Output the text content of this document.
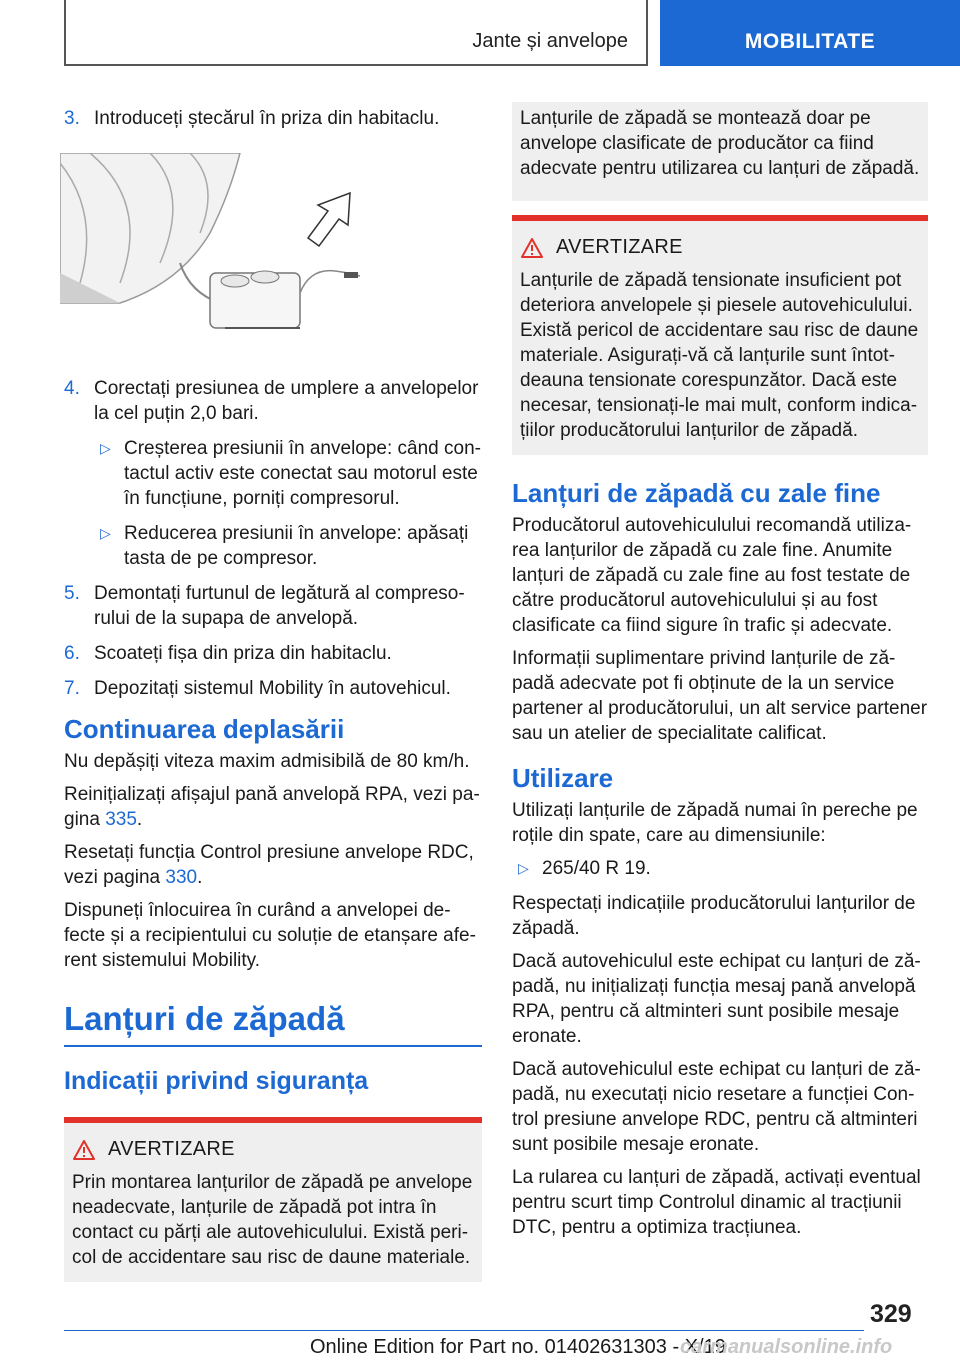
Jante și anvelope	MOBILITATE
3. Introduceți ștecărul în priza din habitaclu.
4. Corectați presiunea de umplere a anvelopelor la cel puțin 2,0 bari.
▷ Creșterea presiunii în anvelope: când contactul activ este conectat sau motorul este în funcțiune, porniți compresorul.
▷ Reducerea presiunii în anvelope: apăsați tasta de pe compresor.
5. Demontați furtunul de legătură al compresorului de la supapa de anvelopă.
6. Scoateți fișa din priza din habitaclu.
7. Depozitați sistemul Mobility în autovehicul.
Continuarea deplasării

Nu depășiți viteza maxim admisibilă de 80 km/h.

Reinițializați afișajul pană anvelopă RPA, vezi pagina 335.

Resetați funcția Control presiune anvelope RDC, vezi pagina 330.

Dispuneți înlocuirea în curând a anvelopei defecte și a recipientului cu soluție de etanșare aferent sistemului Mobility.

Lanțuri de zăpadă
Indicații privind siguranța
AVERTIZARE

Prin montarea lanțurilor de zăpadă pe anvelope neadecvate, lanțurile de zăpadă pot intra în contact cu părți ale autovehiculului. Există pericol de accidentare sau risc de daune materiale.

Lanțurile de zăpadă se montează doar pe anvelope clasificate de producător ca fiind adecvate pentru utilizarea cu lanțuri de zăpadă.

AVERTIZARE

Lanțurile de zăpadă tensionate insuficient pot deteriora anvelopele și piesele autovehiculului. Există pericol de accidentare sau risc de daune materiale. Asigurați-vă că lanțurile sunt întotdeauna tensionate corespunzător. Dacă este necesar, tensionați-le mai mult, conform indicațiilor producătorului lanțurilor de zăpadă.

Lanțuri de zăpadă cu zale fine

Producătorul autovehiculului recomandă utilizarea lanțurilor de zăpadă cu zale fine. Anumite lanțuri de zăpadă cu zale fine au fost testate de către producătorul autovehiculului și au fost clasificate ca fiind sigure în trafic și adecvate.

Informații suplimentare privind lanțurile de zăpadă adecvate pot fi obținute de la un service partener al producătorului, un alt service partener sau un atelier de specialitate calificat.

Utilizare

Utilizați lanțurile de zăpadă numai în pereche pe roțile din spate, care au dimensiunile:

▷ 265/40 R 19.

Respectați indicațiile producătorului lanțurilor de zăpadă.

Dacă autovehiculul este echipat cu lanțuri de zăpadă, nu inițializați funcția mesaj pană anvelopă RPA, pentru că altminteri sunt posibile mesaje eronate.

Dacă autovehiculul este echipat cu lanțuri de zăpadă, nu executați nicio resetare a funcției Control presiune anvelope RDC, pentru că altminteri sunt posibile mesaje eronate.

La rularea cu lanțuri de zăpadă, activați eventual pentru scurt timp Controlul dinamic al tracțiunii DTC, pentru a optimiza tracțiunea.

329
Online Edition for Part no. 01402631303 - X/19
carmanualsonline.info
